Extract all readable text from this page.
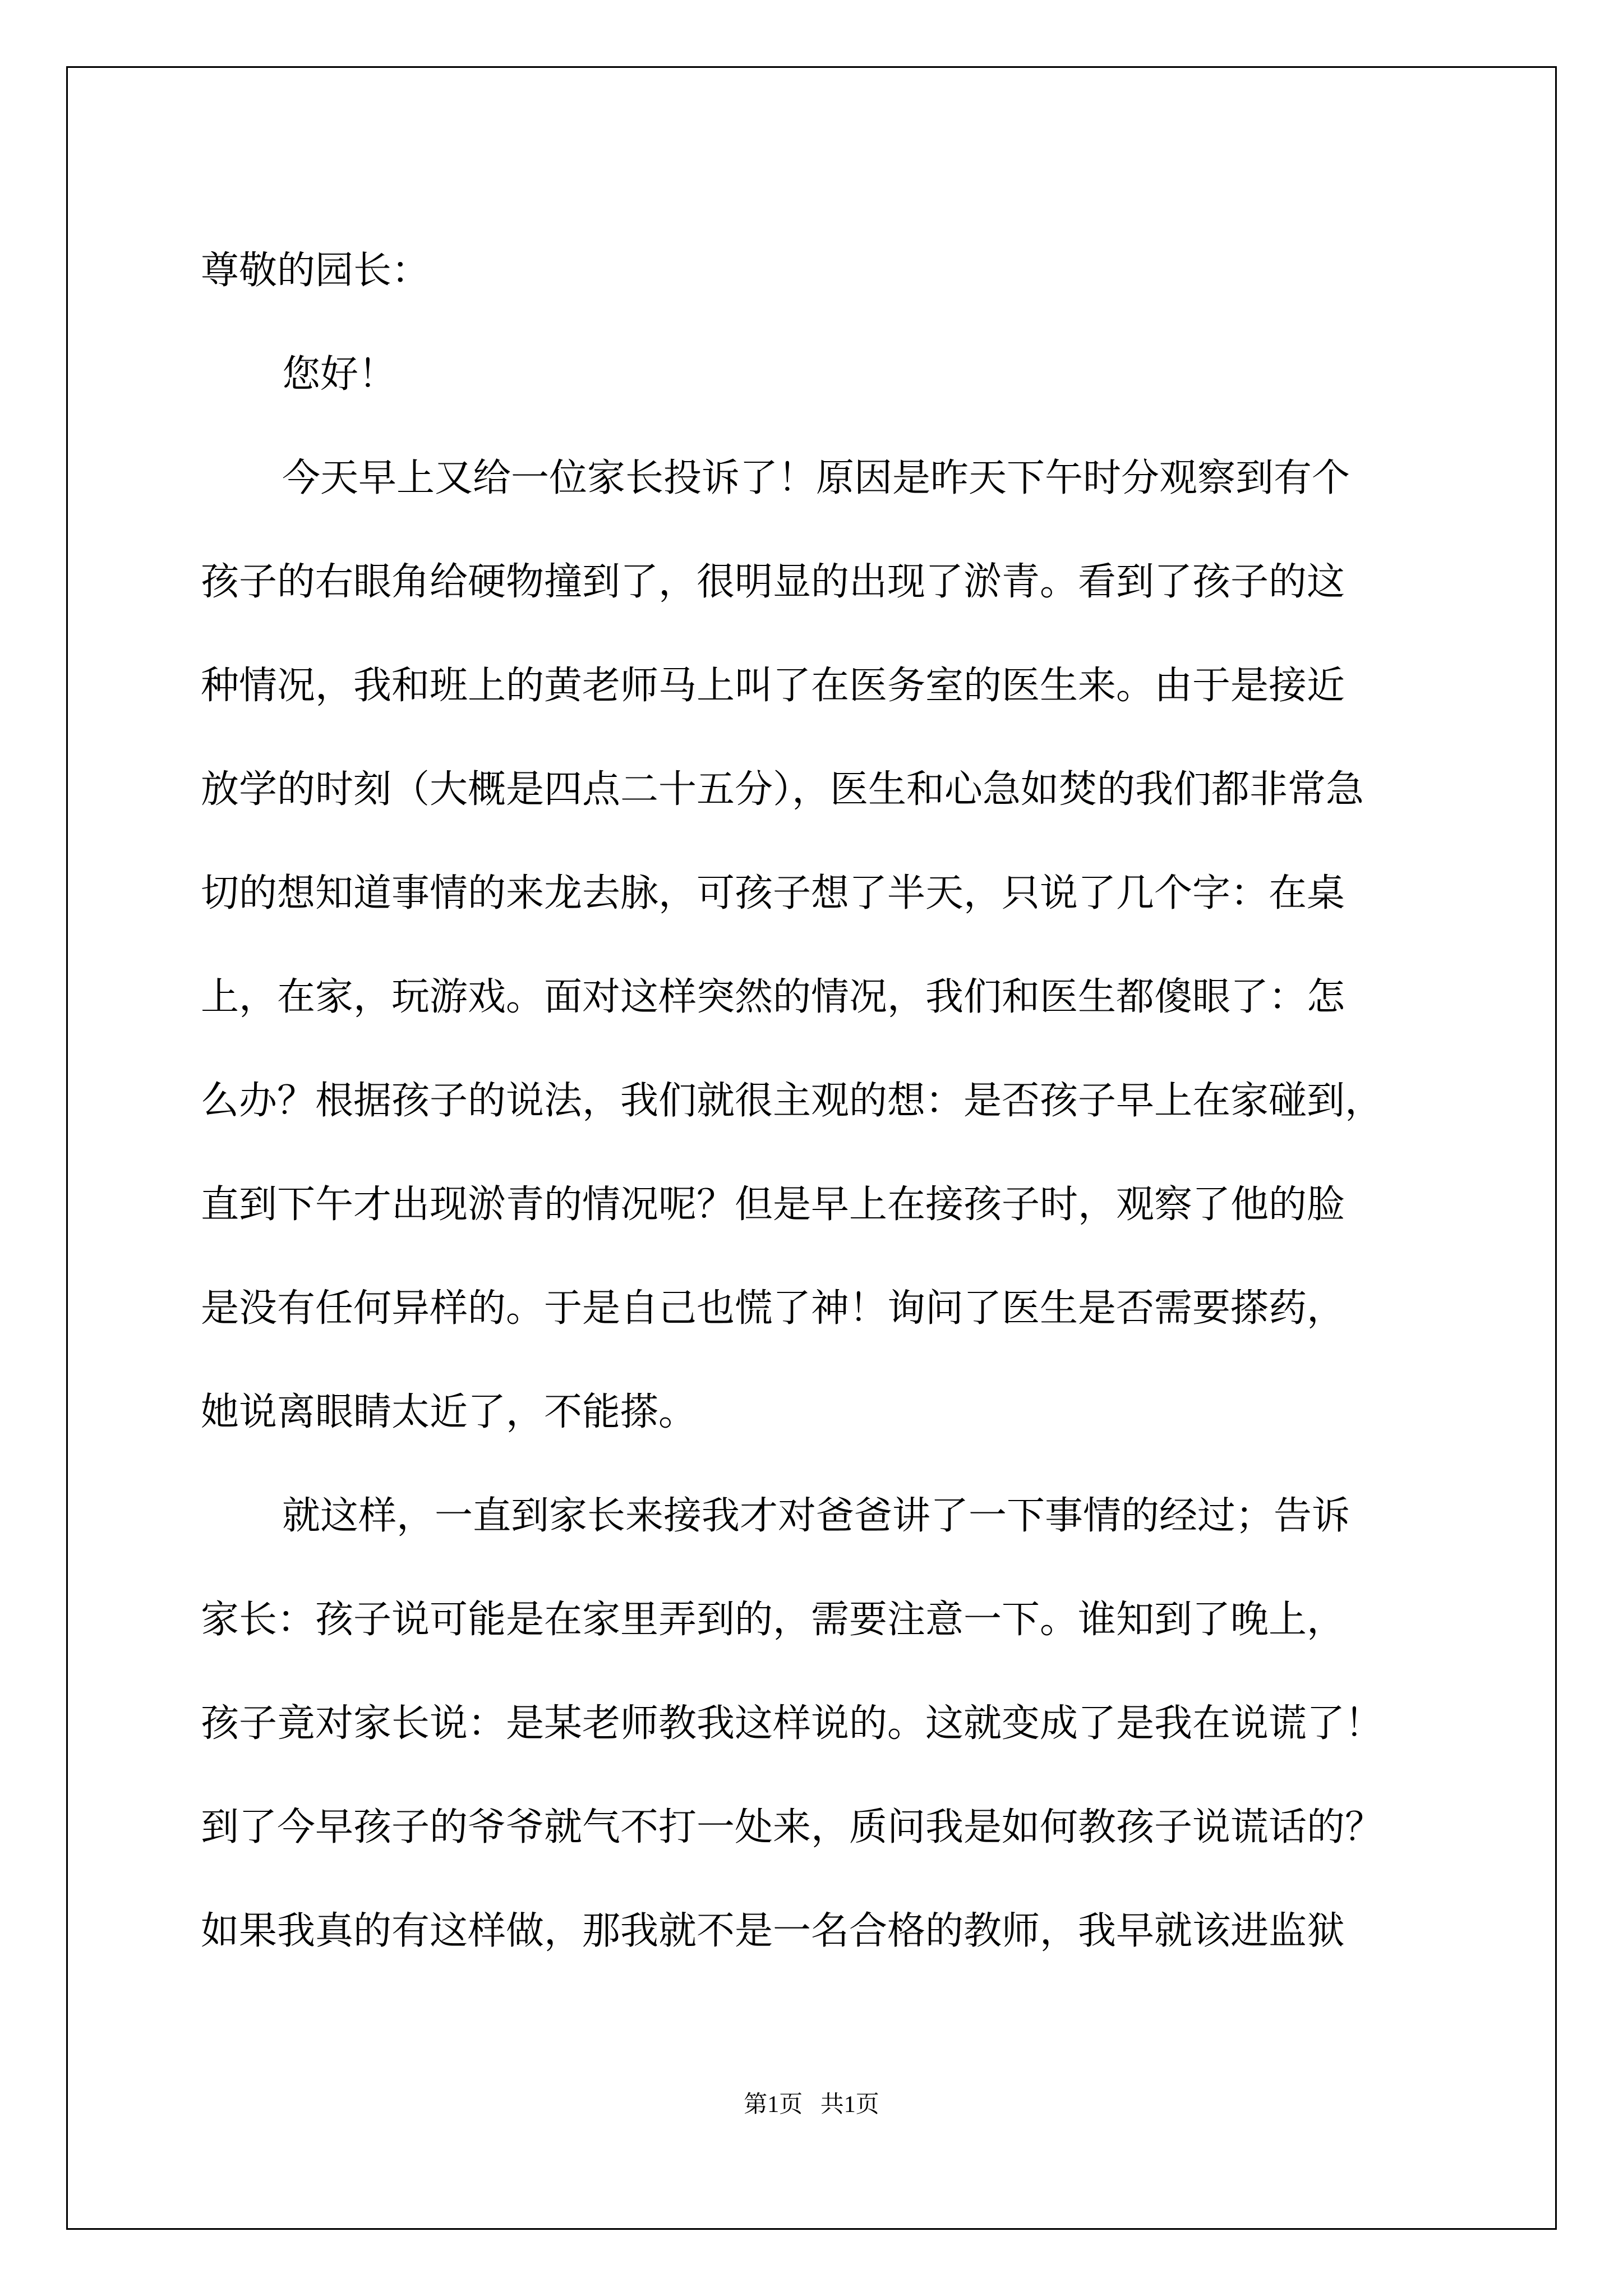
尊敬的园长：
您好！
今天早上又给一位家长投诉了！原因是昨天下午时分观察到有个
孩子的右眼角给硬物撞到了，很明显的出现了淤青。看到了孩子的这
种情况，我和班上的黄老师马上叫了在医务室的医生来。由于是接近
放学的时刻（大概是四点二十五分），医生和心急如焚的我们都非常急
切的想知道事情的来龙去脉，可孩子想了半天，只说了几个字：在桌
上，在家，玩游戏。面对这样突然的情况，我们和医生都傻眼了：怎
么办？根据孩子的说法，我们就很主观的想：是否孩子早上在家碰到，
直到下午才出现淤青的情况呢？但是早上在接孩子时，观察了他的脸
是没有任何异样的。于是自己也慌了神！询问了医生是否需要搽药，
她说离眼睛太近了，不能搽。
就这样，一直到家长来接我才对爸爸讲了一下事情的经过；告诉
家长：孩子说可能是在家里弄到的，需要注意一下。谁知到了晚上，
孩子竟对家长说：是某老师教我这样说的。这就变成了是我在说谎了！
到了今早孩子的爷爷就气不打一处来，质问我是如何教孩子说谎话的？
如果我真的有这样做，那我就不是一名合格的教师，我早就该进监狱
第1页   共1页
